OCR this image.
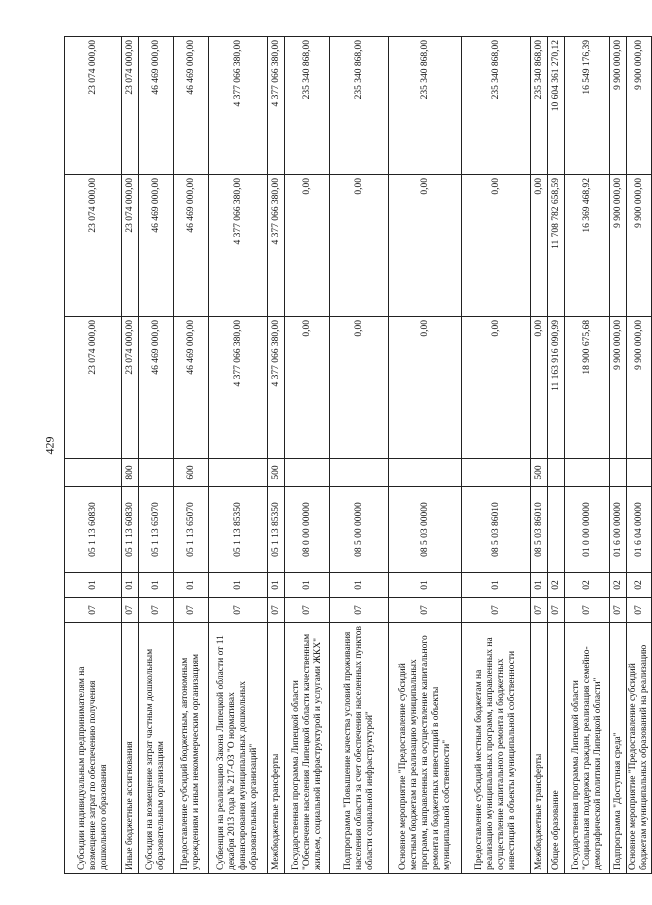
429
Субсидии индивидуальным предпринимателям на возмещение затрат по обеспечению получения дошкольного образования	07	01	05 1 13 60830		23 074 000,00	23 074 000,00	23 074 000,00
Иные бюджетные ассигнования	07	01	05 1 13 60830	800	23 074 000,00	23 074 000,00	23 074 000,00
Субсидия на возмещение затрат частным дошкольным образовательным организациям	07	01	05 1 13 65070		46 469 000,00	46 469 000,00	46 469 000,00
Предоставление субсидий бюджетным, автономным учреждениям и иным некоммерческим организациям	07	01	05 1 13 65070	600	46 469 000,00	46 469 000,00	46 469 000,00
Субвенция на реализацию Закона Липецкой области от 11 декабря 2013 года № 217-ОЗ "О нормативах финансирования муниципальных дошкольных образовательных организаций"	07	01	05 1 13 85350		4 377 066 380,00	4 377 066 380,00	4 377 066 380,00
Межбюджетные трансферты	07	01	05 1 13 85350	500	4 377 066 380,00	4 377 066 380,00	4 377 066 380,00
Государственная программа Липецкой области "Обеспечение населения Липецкой области качественным жильем, социальной инфраструктурой и услугами ЖКХ"	07	01	08 0 00 00000		0,00	0,00	235 340 868,00
Подпрограмма "Повышение качества условий проживания населения области за счет обеспечения населенных пунктов области социальной инфраструктурой"	07	01	08 5 00 00000		0,00	0,00	235 340 868,00
Основное мероприятие "Предоставление субсидий местным бюджетам на реализацию муниципальных программ, направленных на осуществление капитального ремонта и бюджетных инвестиций в объекты муниципальной собственности"	07	01	08 5 03 00000		0,00	0,00	235 340 868,00
Предоставление субсидий местным бюджетам на реализацию муниципальных программ, направленных на осуществление капитального ремонта и бюджетных инвестиций в объекты муниципальной собственности	07	01	08 5 03 86010		0,00	0,00	235 340 868,00
Межбюджетные трансферты	07	01	08 5 03 86010	500	0,00	0,00	235 340 868,00
Общее образование	07	02			11 163 916 090,99	11 708 782 658,59	10 604 361 270,12
Государственная программа Липецкой области "Социальная поддержка граждан, реализация семейно-демографической политики Липецкой области"	07	02	01 0 00 00000		18 900 675,68	16 369 468,92	16 549 176,39
Подпрограмма "Доступная среда"	07	02	01 6 00 00000		9 900 000,00	9 900 000,00	9 900 000,00
Основное мероприятие "Предоставление субсидий бюджетам муниципальных образований на реализацию	07	02	01 6 04 00000		9 900 000,00	9 900 000,00	9 900 000,00
